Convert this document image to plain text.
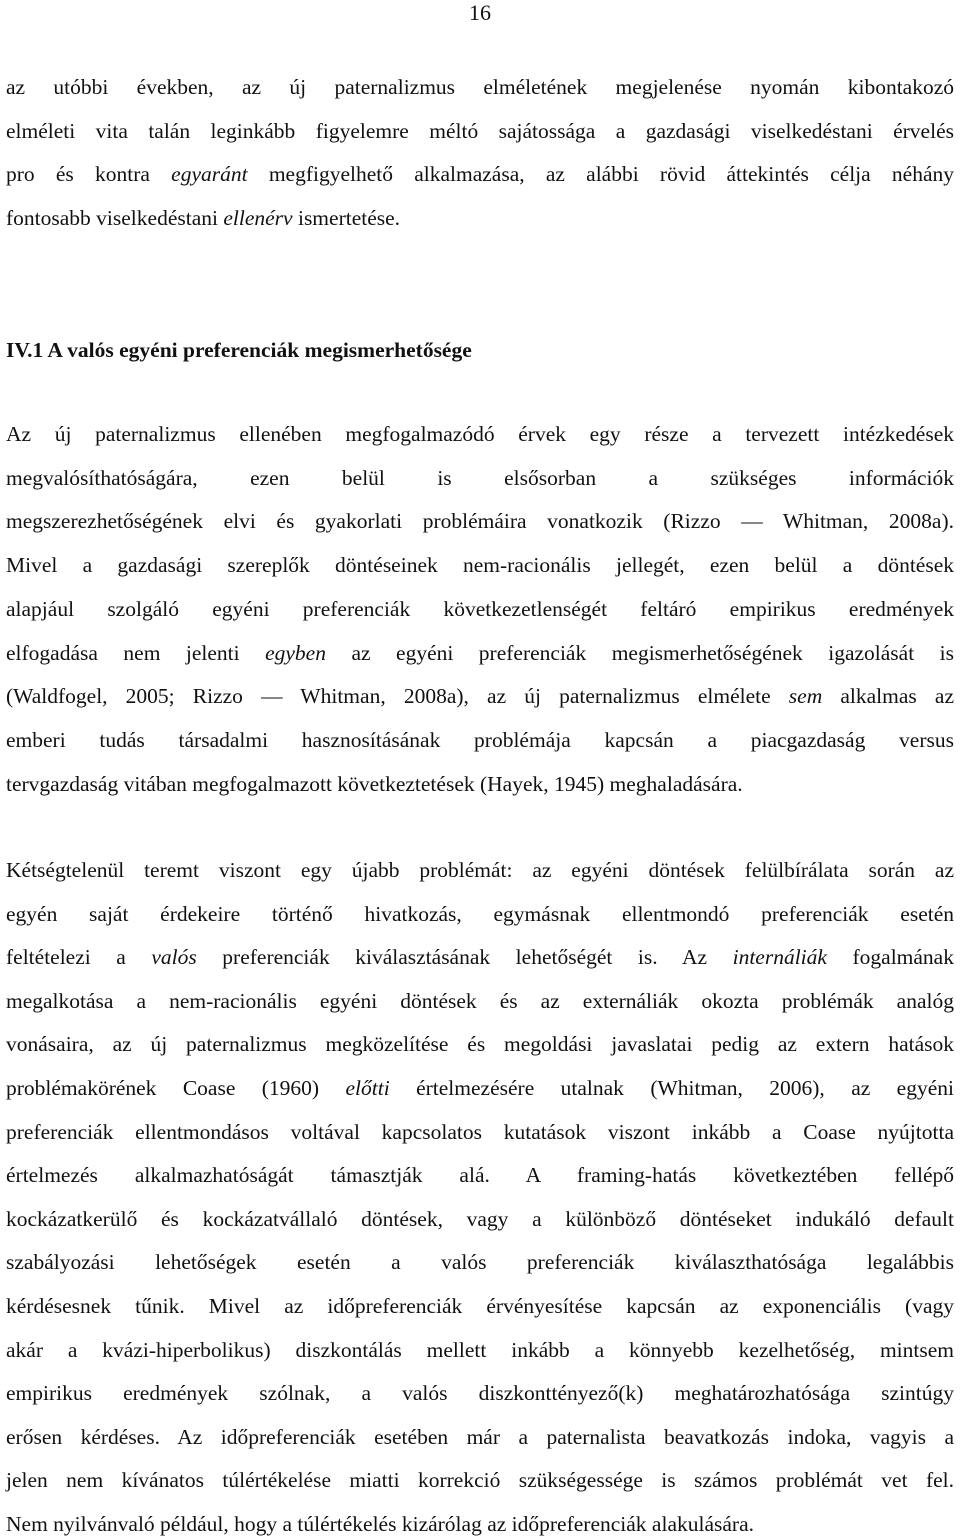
16
az utóbbi években, az új paternalizmus elméletének megjelenése nyomán kibontakozó
elméleti vita talán leginkább figyelemre méltó sajátossága a gazdasági viselkedéstani érvelés
pro és kontra egyaránt megfigyelhető alkalmazása, az alábbi rövid áttekintés célja néhány
fontosabb viselkedéstani ellenérv ismertetése.
IV.1 A valós egyéni preferenciák megismerhetősége
Az új paternalizmus ellenében megfogalmazódó érvek egy része a tervezett intézkedések
megvalósíthatóságára, ezen belül is elsősorban a szükséges információk
megszerezhetőségének elvi és gyakorlati problémáira vonatkozik (Rizzo ― Whitman, 2008a).
Mivel a gazdasági szereplők döntéseinek nem-racionális jellegét, ezen belül a döntések
alapjául szolgáló egyéni preferenciák következetlenségét feltáró empirikus eredmények
elfogadása nem jelenti egyben az egyéni preferenciák megismerhetőségének igazolását is
(Waldfogel, 2005; Rizzo ― Whitman, 2008a), az új paternalizmus elmélete sem alkalmas az
emberi tudás társadalmi hasznosításának problémája kapcsán a piacgazdaság versus
tervgazdaság vitában megfogalmazott következtetések (Hayek, 1945) meghaladására.
Kétségtelenül teremt viszont egy újabb problémát: az egyéni döntések felülbírálata során az
egyén saját érdekeire történő hivatkozás, egymásnak ellentmondó preferenciák esetén
feltételezi a valós preferenciák kiválasztásának lehetőségét is. Az internáliák fogalmának
megalkotása a nem-racionális egyéni döntések és az externáliák okozta problémák analóg
vonásaira, az új paternalizmus megközelítése és megoldási javaslatai pedig az extern hatások
problémakörének Coase (1960) előtti értelmezésére utalnak (Whitman, 2006), az egyéni
preferenciák ellentmondásos voltával kapcsolatos kutatások viszont inkább a Coase nyújtotta
értelmezés alkalmazhatóságát támasztják alá. A framing-hatás következtében fellépő
kockázatkerülő és kockázatvállaló döntések, vagy a különböző döntéseket indukáló default
szabályozási lehetőségek esetén a valós preferenciák kiválaszthatósága legalábbis
kérdésesnek tűnik. Mivel az időpreferenciák érvényesítése kapcsán az exponenciális (vagy
akár a kvázi-hiperbolikus) diszkontálás mellett inkább a könnyebb kezelhetőség, mintsem
empirikus eredmények szólnak, a valós diszkonttényező(k) meghatározhatósága szintúgy
erősen kérdéses. Az időpreferenciák esetében már a paternalista beavatkozás indoka, vagyis a
jelen nem kívánatos túlértékelése miatti korrekció szükségessége is számos problémát vet fel.
Nem nyilvánvaló például, hogy a túlértékelés kizárólag az időpreferenciák alakulására.
